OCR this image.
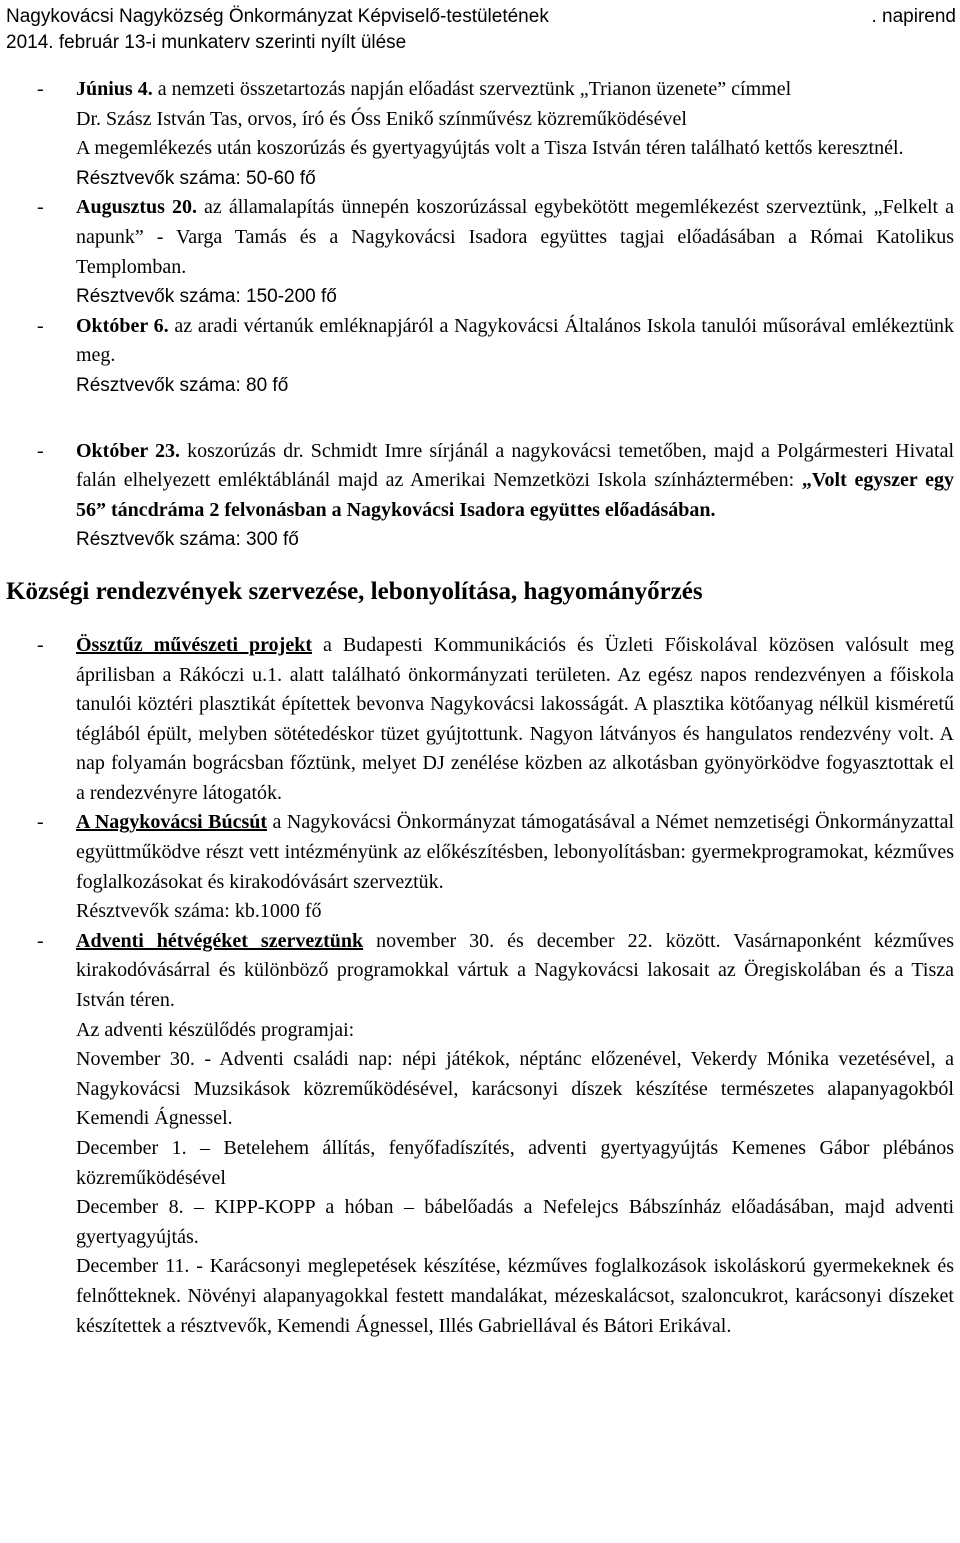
Nagykovácsi Nagyközség Önkormányzat Képviselő-testületének	. napirend
2014. február 13-i munkaterv szerinti nyílt ülése
- Június 4. a nemzeti összetartozás napján előadást szerveztünk „Trianon üzenete” címmel
Dr. Szász István Tas, orvos, író és Óss Enikő színművész közreműködésével
A megemlékezés után koszorúzás és gyertyagyújtás volt a Tisza István téren található kettős keresztnél.
Résztvevők száma: 50-60 fő
- Augusztus 20. az államalapítás ünnepén koszorúzással egybekötött megemlékezést szerveztünk, „Felkelt a napunk” - Varga Tamás és a Nagykovácsi Isadora együttes tagjai előadásában a Római Katolikus Templomban.
Résztvevők száma: 150-200 fő
- Október 6. az aradi vértanúk emléknapjáról a Nagykovácsi Általános Iskola tanulói műsorával emlékeztünk meg.
Résztvevők száma: 80 fő
- Október 23. koszorúzás dr. Schmidt Imre sírjánál a nagykovácsi temetőben, majd a Polgármesteri Hivatal falán elhelyezett emléktáblánál majd az Amerikai Nemzetközi Iskola színháztermében: „Volt egyszer egy 56” táncdráma 2 felvonásban a Nagykovácsi Isadora együttes előadásában.
Résztvevők száma: 300 fő
Községi rendezvények szervezése, lebonyolítása, hagyományőrzés
- Össztűz művészeti projekt a Budapesti Kommunikációs és Üzleti Főiskolával közösen valósult meg áprilisban a Rákóczi u.1. alatt található önkormányzati területen. Az egész napos rendezvényen a főiskola tanulói köztéri plasztikát építettek bevonva Nagykovácsi lakosságát. A plasztika kötőanyag nélkül kisméretű téglából épült, melyben sötétedéskor tüzet gyújtottunk. Nagyon látványos és hangulatos rendezvény volt. A nap folyamán bográcsban főztünk, melyet DJ zenélése közben az alkotásban gyönyörködve fogyasztottak el a rendezvényre látogatók.
- A Nagykovácsi Búcsút a Nagykovácsi Önkormányzat támogatásával a Német nemzetiségi Önkormányzattal együttműködve részt vett intézményünk az előkészítésben, lebonyolításban: gyermekprogramokat, kézműves foglalkozásokat és kirakodóvásárt szerveztük.
Résztvevők száma: kb.1000 fő
- Adventi hétvégéket szerveztünk november 30. és december 22. között. Vasárnaponként kézműves kirakodóvásárral és különböző programokkal vártuk a Nagykovácsi lakosait az Öregiskolában és a Tisza István téren.
Az adventi készülődés programjai:
November 30. - Adventi családi nap: népi játékok, néptánc előzenével, Vekerdy Mónika vezetésével, a Nagykovácsi Muzsikások közreműködésével, karácsonyi díszek készítése természetes alapanyagokból Kemendi Ágnessel.
December 1. – Betelehem állítás, fenyőfadíszítés, adventi gyertyagyújtás Kemenes Gábor plébános közreműködésével
December 8. – KIPP-KOPP a hóban – bábelőadás a Nefelejcs Bábszínház előadásában, majd adventi gyertyagyújtás.
December 11. - Karácsonyi meglepetések készítése, kézműves foglalkozások iskoláskorú gyermekeknek és felnőtteknek. Növényi alapanyagokkal festett mandalákat, mézeskalácsot, szaloncukrot, karácsonyi díszeket készítettek a résztvevők, Kemendi Ágnessel, Illés Gabriellával és Bátori Erikával.
